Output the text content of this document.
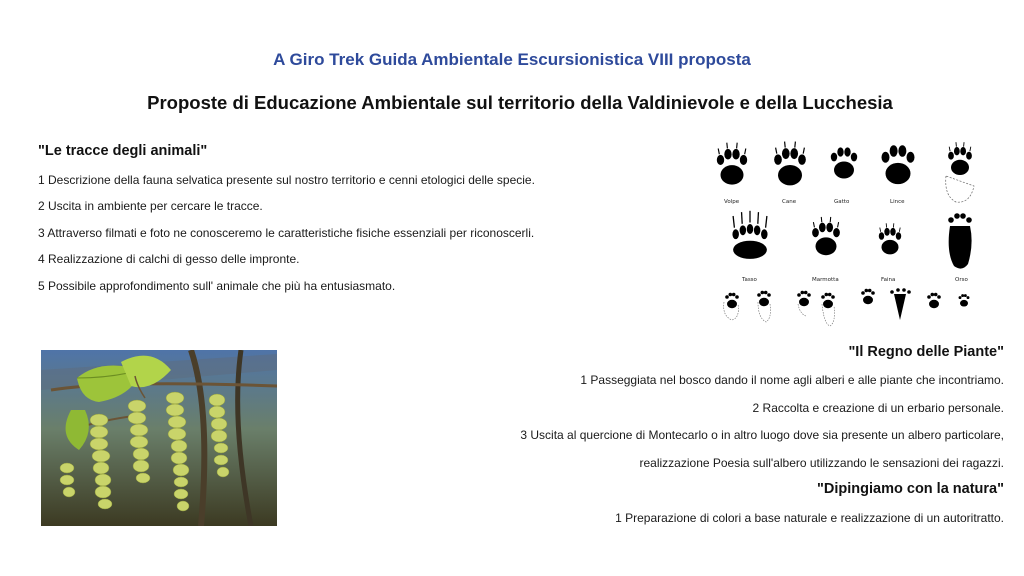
A Giro Trek Guida Ambientale Escursionistica VIII proposta
Proposte di Educazione Ambientale sul territorio della Valdinievole e della Lucchesia
"Le tracce degli animali"
1 Descrizione della fauna selvatica presente sul nostro territorio e cenni etologici delle specie.
2 Uscita in ambiente per cercare le tracce.
3 Attraverso filmati e foto ne conosceremo le caratteristiche fisiche essenziali per riconoscerli.
4 Realizzazione di calchi di gesso delle impronte.
5 Possibile approfondimento sull' animale che più ha entusiasmato.
Volpe	Cane	Gatto	Lince
Tasso	Marmotta	Faina	Orso
"Il Regno delle Piante"
1 Passeggiata nel bosco dando il nome agli alberi e alle piante che incontriamo.
2 Raccolta e creazione di un erbario personale.
3 Uscita al quercione di Montecarlo o in altro luogo dove sia presente un albero particolare,
realizzazione Poesia sull'albero utilizzando le sensazioni dei ragazzi.
"Dipingiamo con la natura"
1 Preparazione di colori a base naturale e realizzazione di un autoritratto.
